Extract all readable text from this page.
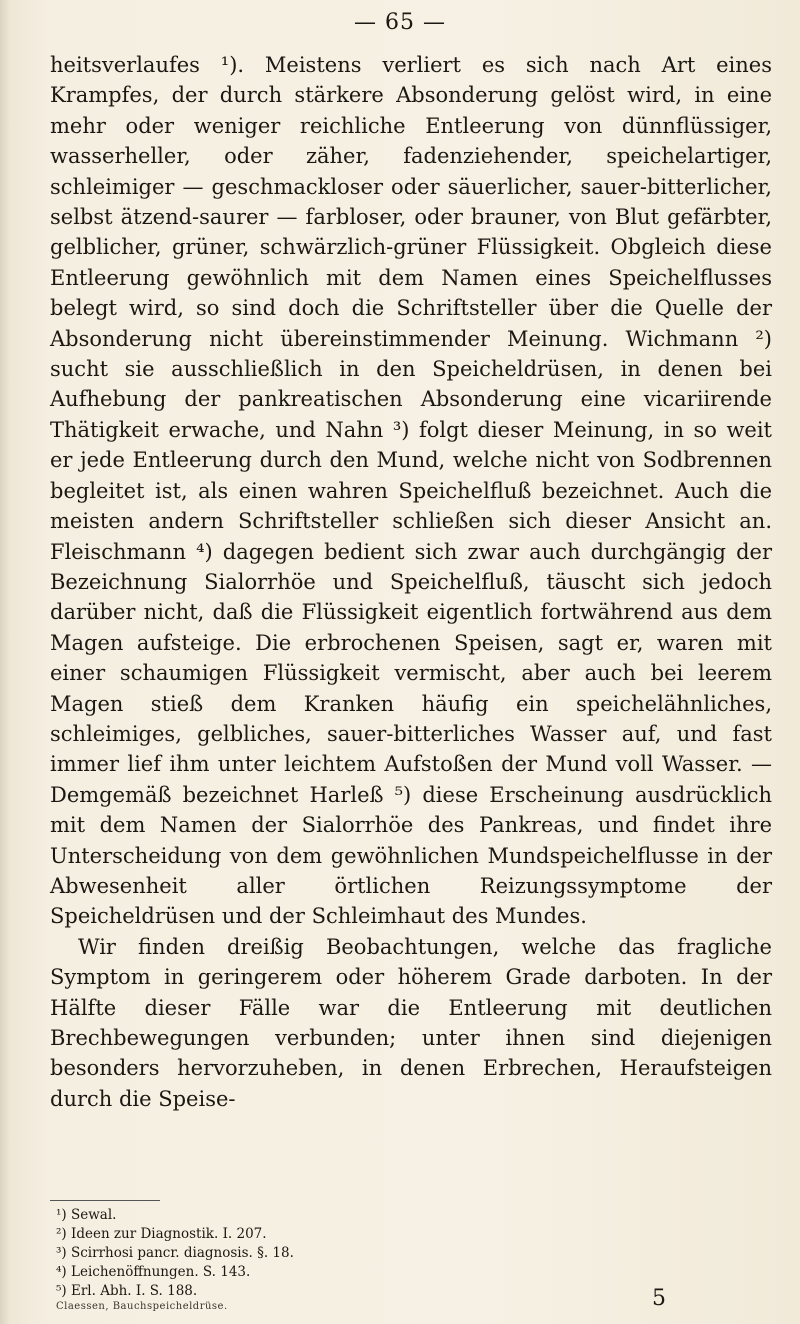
— 65 —

heitsverlaufes ¹). Meistens verliert es sich nach Art eines Krampfes, der durch stärkere Absonderung gelöst wird, in eine mehr oder weniger reichliche Entleerung von dünnflüssiger, wasserheller, oder zäher, fadenziehender, speichelartiger, schleimiger — geschmackloser oder säuerlicher, sauer-bitterlicher, selbst ätzend-saurer — farbloser, oder brauner, von Blut gefärbter, gelblicher, grüner, schwärzlich-grüner Flüssigkeit. Obgleich diese Entleerung gewöhnlich mit dem Namen eines Speichelflusses belegt wird, so sind doch die Schriftsteller über die Quelle der Absonderung nicht übereinstimmender Meinung. Wichmann ²) sucht sie ausschließlich in den Speicheldrüsen, in denen bei Aufhebung der pankreatischen Absonderung eine vicariirende Thätigkeit erwache, und Nahn ³) folgt dieser Meinung, in so weit er jede Entleerung durch den Mund, welche nicht von Sodbrennen begleitet ist, als einen wahren Speichelfluß bezeichnet. Auch die meisten andern Schriftsteller schließen sich dieser Ansicht an. Fleischmann ⁴) dagegen bedient sich zwar auch durchgängig der Bezeichnung Sialorrhöe und Speichelfluß, täuscht sich jedoch darüber nicht, daß die Flüssigkeit eigentlich fortwährend aus dem Magen aufsteige. Die erbrochenen Speisen, sagt er, waren mit einer schaumigen Flüssigkeit vermischt, aber auch bei leerem Magen stieß dem Kranken häufig ein speichelähnliches, schleimiges, gelbliches, sauer-bitterliches Wasser auf, und fast immer lief ihm unter leichtem Aufstoßen der Mund voll Wasser. — Demgemäß bezeichnet Harleß ⁵) diese Erscheinung ausdrücklich mit dem Namen der Sialorrhöe des Pankreas, und findet ihre Unterscheidung von dem gewöhnlichen Mundspeichelflusse in der Abwesenheit aller örtlichen Reizungssymptome der Speicheldrüsen und der Schleimhaut des Mundes.

Wir finden dreißig Beobachtungen, welche das fragliche Symptom in geringerem oder höherem Grade darboten. In der Hälfte dieser Fälle war die Entleerung mit deutlichen Brechbewegungen verbunden; unter ihnen sind diejenigen besonders hervorzuheben, in denen Erbrechen, Heraufsteigen durch die Speise-

¹) Sewal.
²) Ideen zur Diagnostik. I. 207.
³) Scirrhosi pancr. diagnosis. §. 18.
⁴) Leichenöffnungen. S. 143.
⁵) Erl. Abh. I. S. 188.
Claessen, Bauchspeicheldrüse.	5
